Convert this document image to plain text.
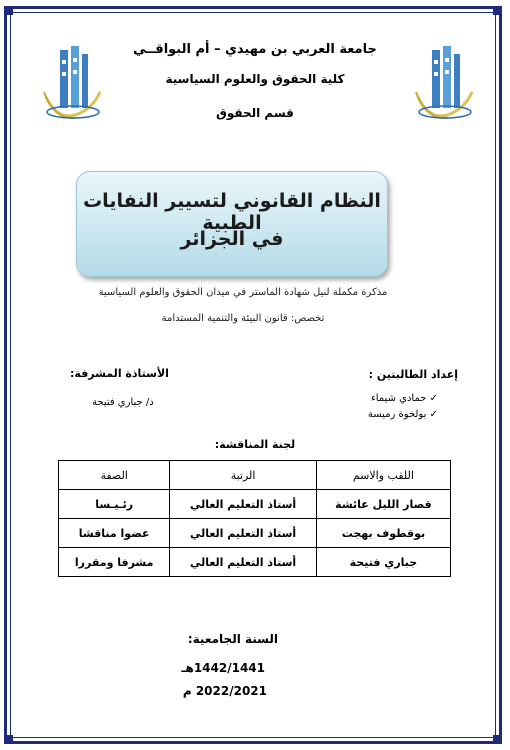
جامعة العربي بن مهيدي – أم البواقــي
كلية الحقوق والعلوم السياسية
قسم الحقوق
النظام القانوني لتسيير النفايات الطبية
في الجزائر
مذكرة مكملة لنيل شهادة الماستر في ميدان الحقوق والعلوم السياسية
تخصص: قانون البيئة والتنمية المستدامة
إعداد الطالبتين :
✓ حمادي شيماء
✓ بولخوة رميسة
الأستاذة المشرفة:
د/ جباري فتيحة
لجنة المناقشة:
اللقب والاسم	الرتبة	الصفة
قصار الليل عائشة	أستاذ التعليم العالي	رئـيـسا
بوقطوف بهجت	أستاذ التعليم العالي	عضوا مناقشا
جباري فتيحة	أستاذ التعليم العالي	مشرفا ومقررا
السنة الجامعية:
1442/1441هـ
2022/2021 م
